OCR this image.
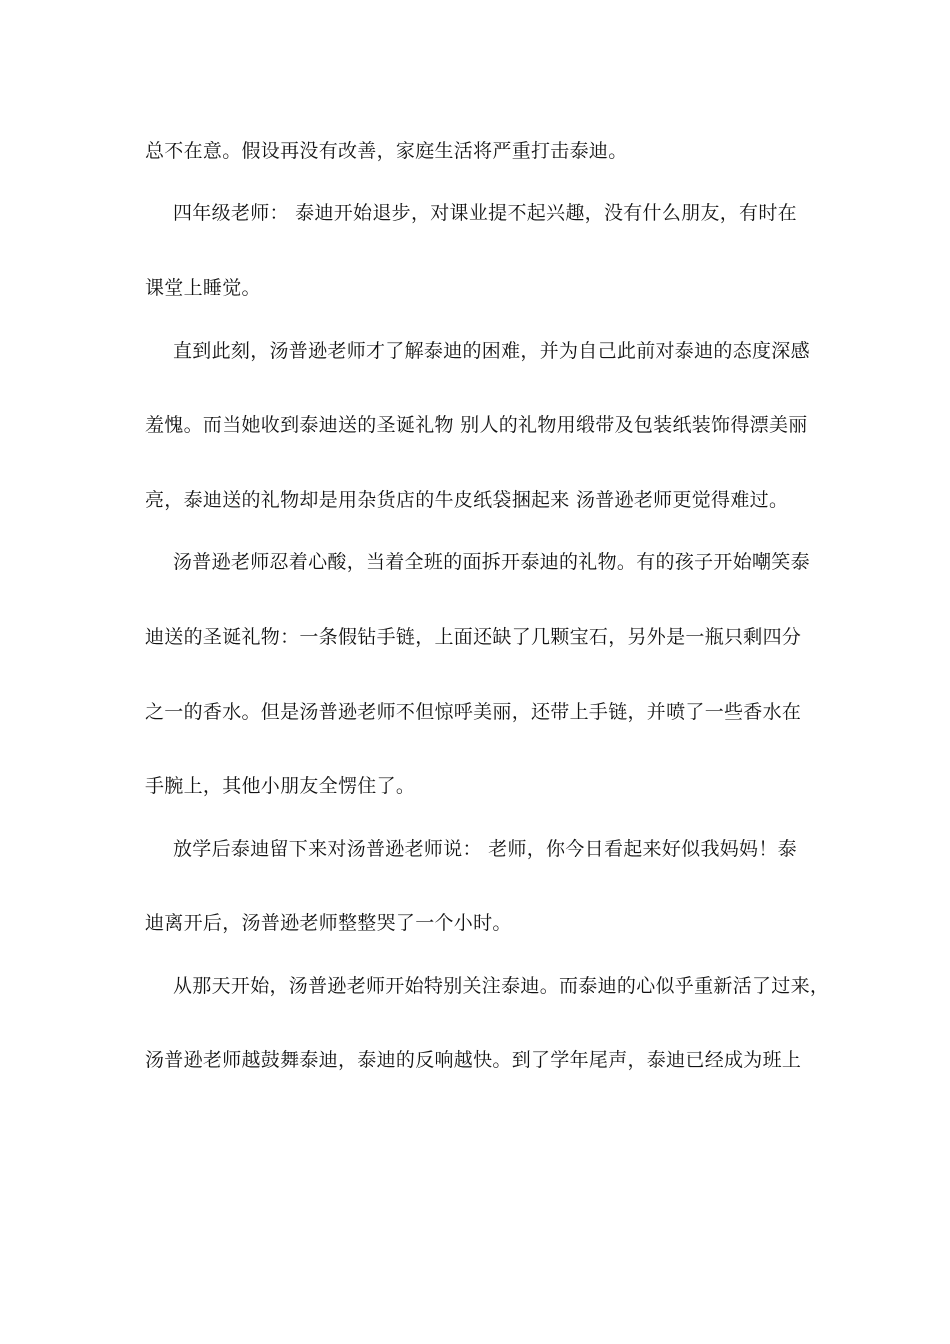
总不在意。假设再没有改善，家庭生活将严重打击泰迪。
四年级老师： 泰迪开始退步，对课业提不起兴趣，没有什么朋友，有时在
课堂上睡觉。
直到此刻，汤普逊老师才了解泰迪的困难，并为自己此前对泰迪的态度深感
羞愧。而当她收到泰迪送的圣诞礼物 别人的礼物用缎带及包装纸装饰得漂美丽
亮，泰迪送的礼物却是用杂货店的牛皮纸袋捆起来 汤普逊老师更觉得难过。
汤普逊老师忍着心酸，当着全班的面拆开泰迪的礼物。有的孩子开始嘲笑泰
迪送的圣诞礼物：一条假钻手链，上面还缺了几颗宝石，另外是一瓶只剩四分
之一的香水。但是汤普逊老师不但惊呼美丽，还带上手链，并喷了一些香水在
手腕上，其他小朋友全愣住了。
放学后泰迪留下来对汤普逊老师说： 老师，你今日看起来好似我妈妈！泰
迪离开后，汤普逊老师整整哭了一个小时。
从那天开始，汤普逊老师开始特别关注泰迪。而泰迪的心似乎重新活了过来，
汤普逊老师越鼓舞泰迪，泰迪的反响越快。到了学年尾声，泰迪已经成为班上
